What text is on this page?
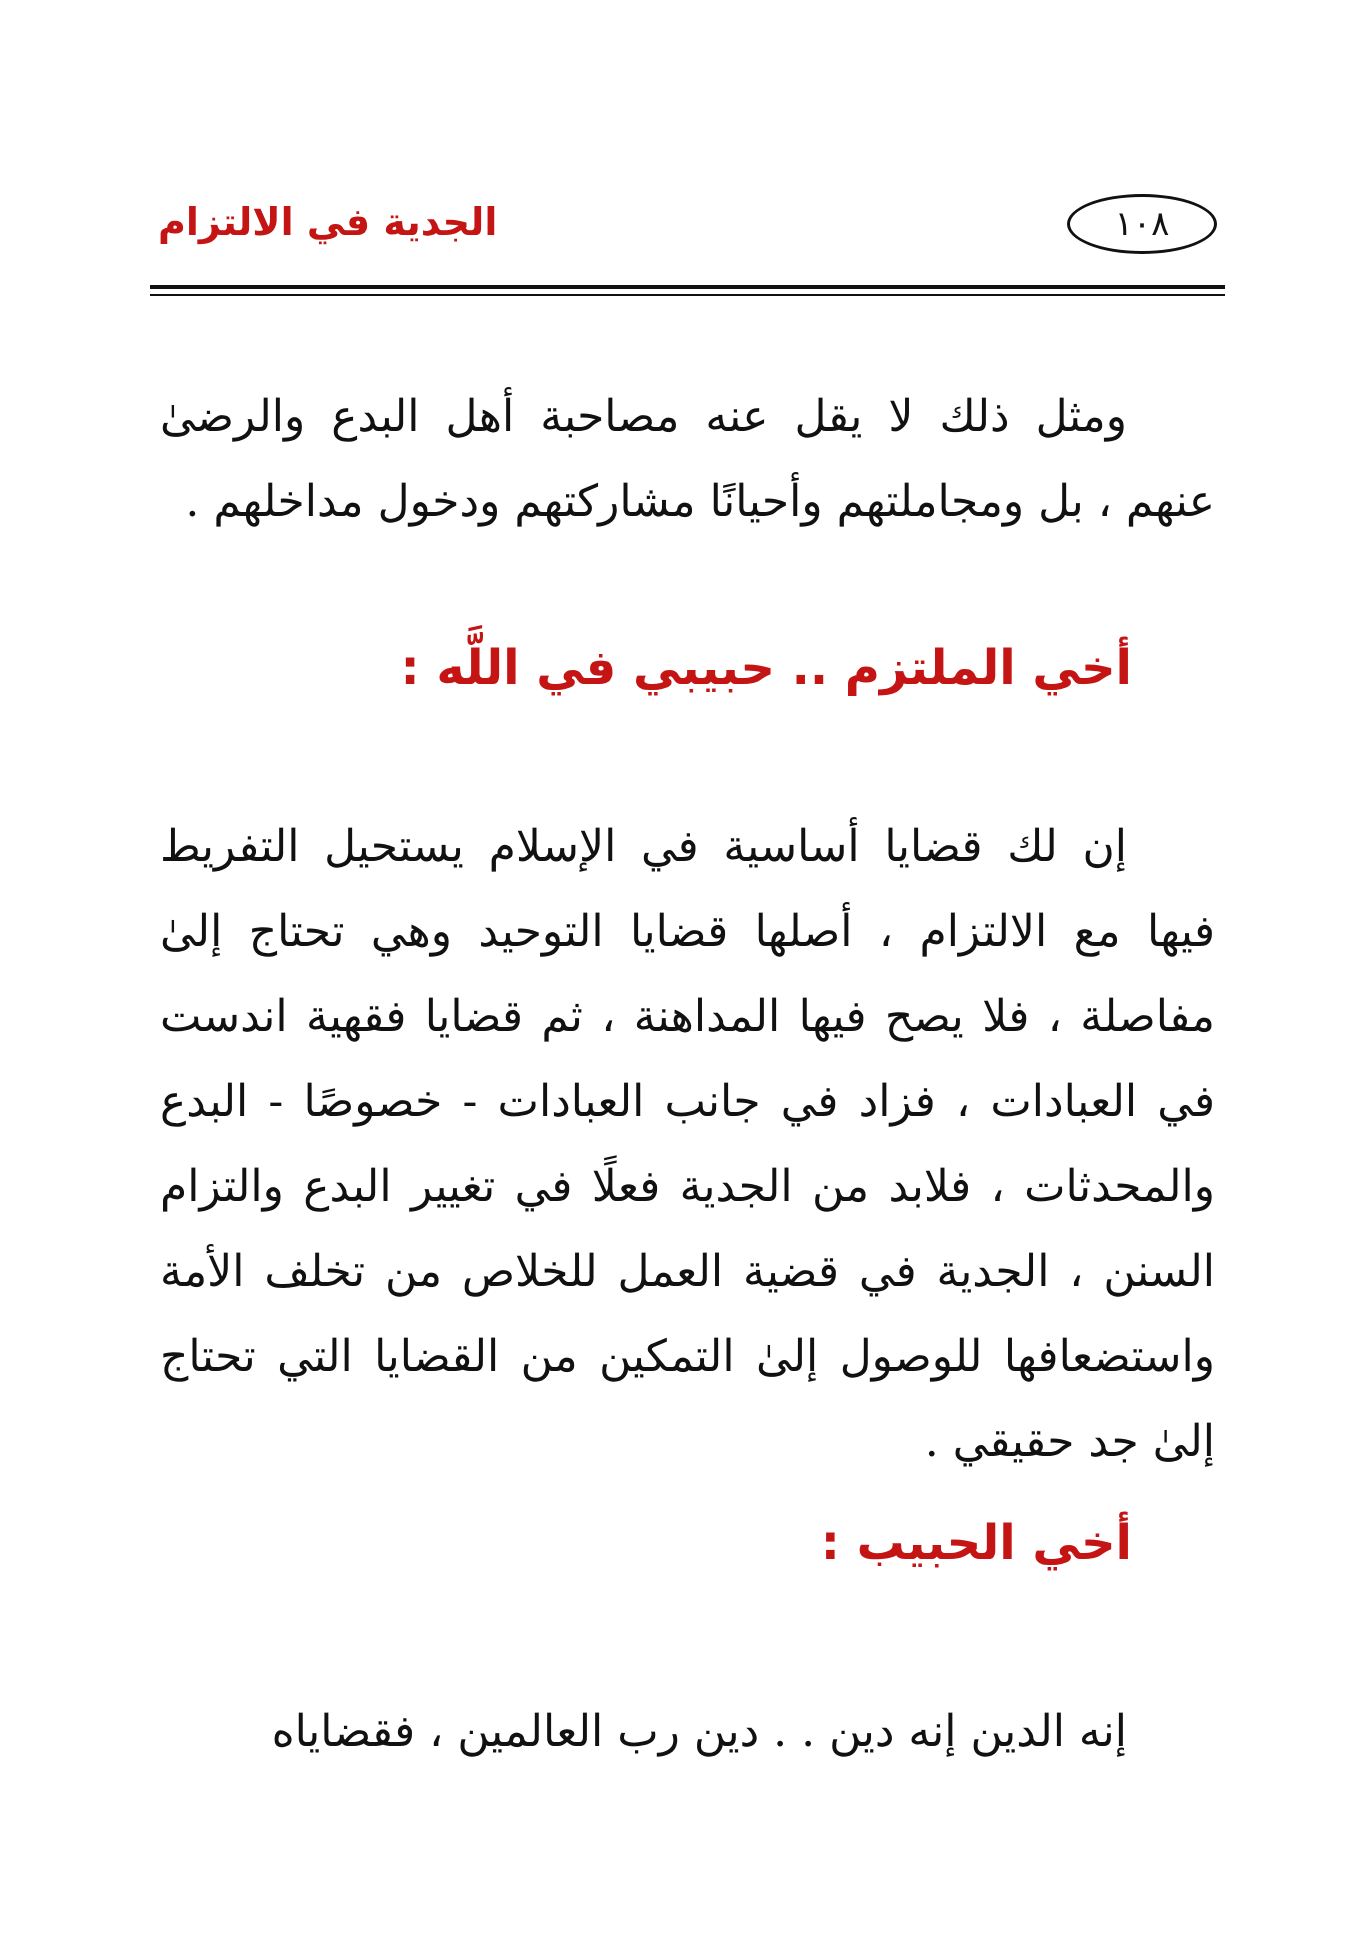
الجدية في الالتزام	١٠٨

ومثل ذلك لا يقل عنه مصاحبة أهل البدع والرضىٰ عنهم ، بل ومجاملتهم وأحيانًا مشاركتهم ودخول مداخلهم .

أخي الملتزم .. حبيبي في اللَّه :

إن لك قضايا أساسية في الإسلام يستحيل التفريط فيها مع الالتزام ، أصلها قضايا التوحيد وهي تحتاج إلىٰ مفاصلة ، فلا يصح فيها المداهنة ، ثم قضايا فقهية اندست في العبادات ، فزاد في جانب العبادات - خصوصًا - البدع والمحدثات ، فلابد من الجدية فعلًا في تغيير البدع والتزام السنن ، الجدية في قضية العمل للخلاص من تخلف الأمة واستضعافها للوصول إلىٰ التمكين من القضايا التي تحتاج إلىٰ جد حقيقي .

أخي الحبيب :

إنه الدين إنه دين . . دين رب العالمين ، فقضاياه
